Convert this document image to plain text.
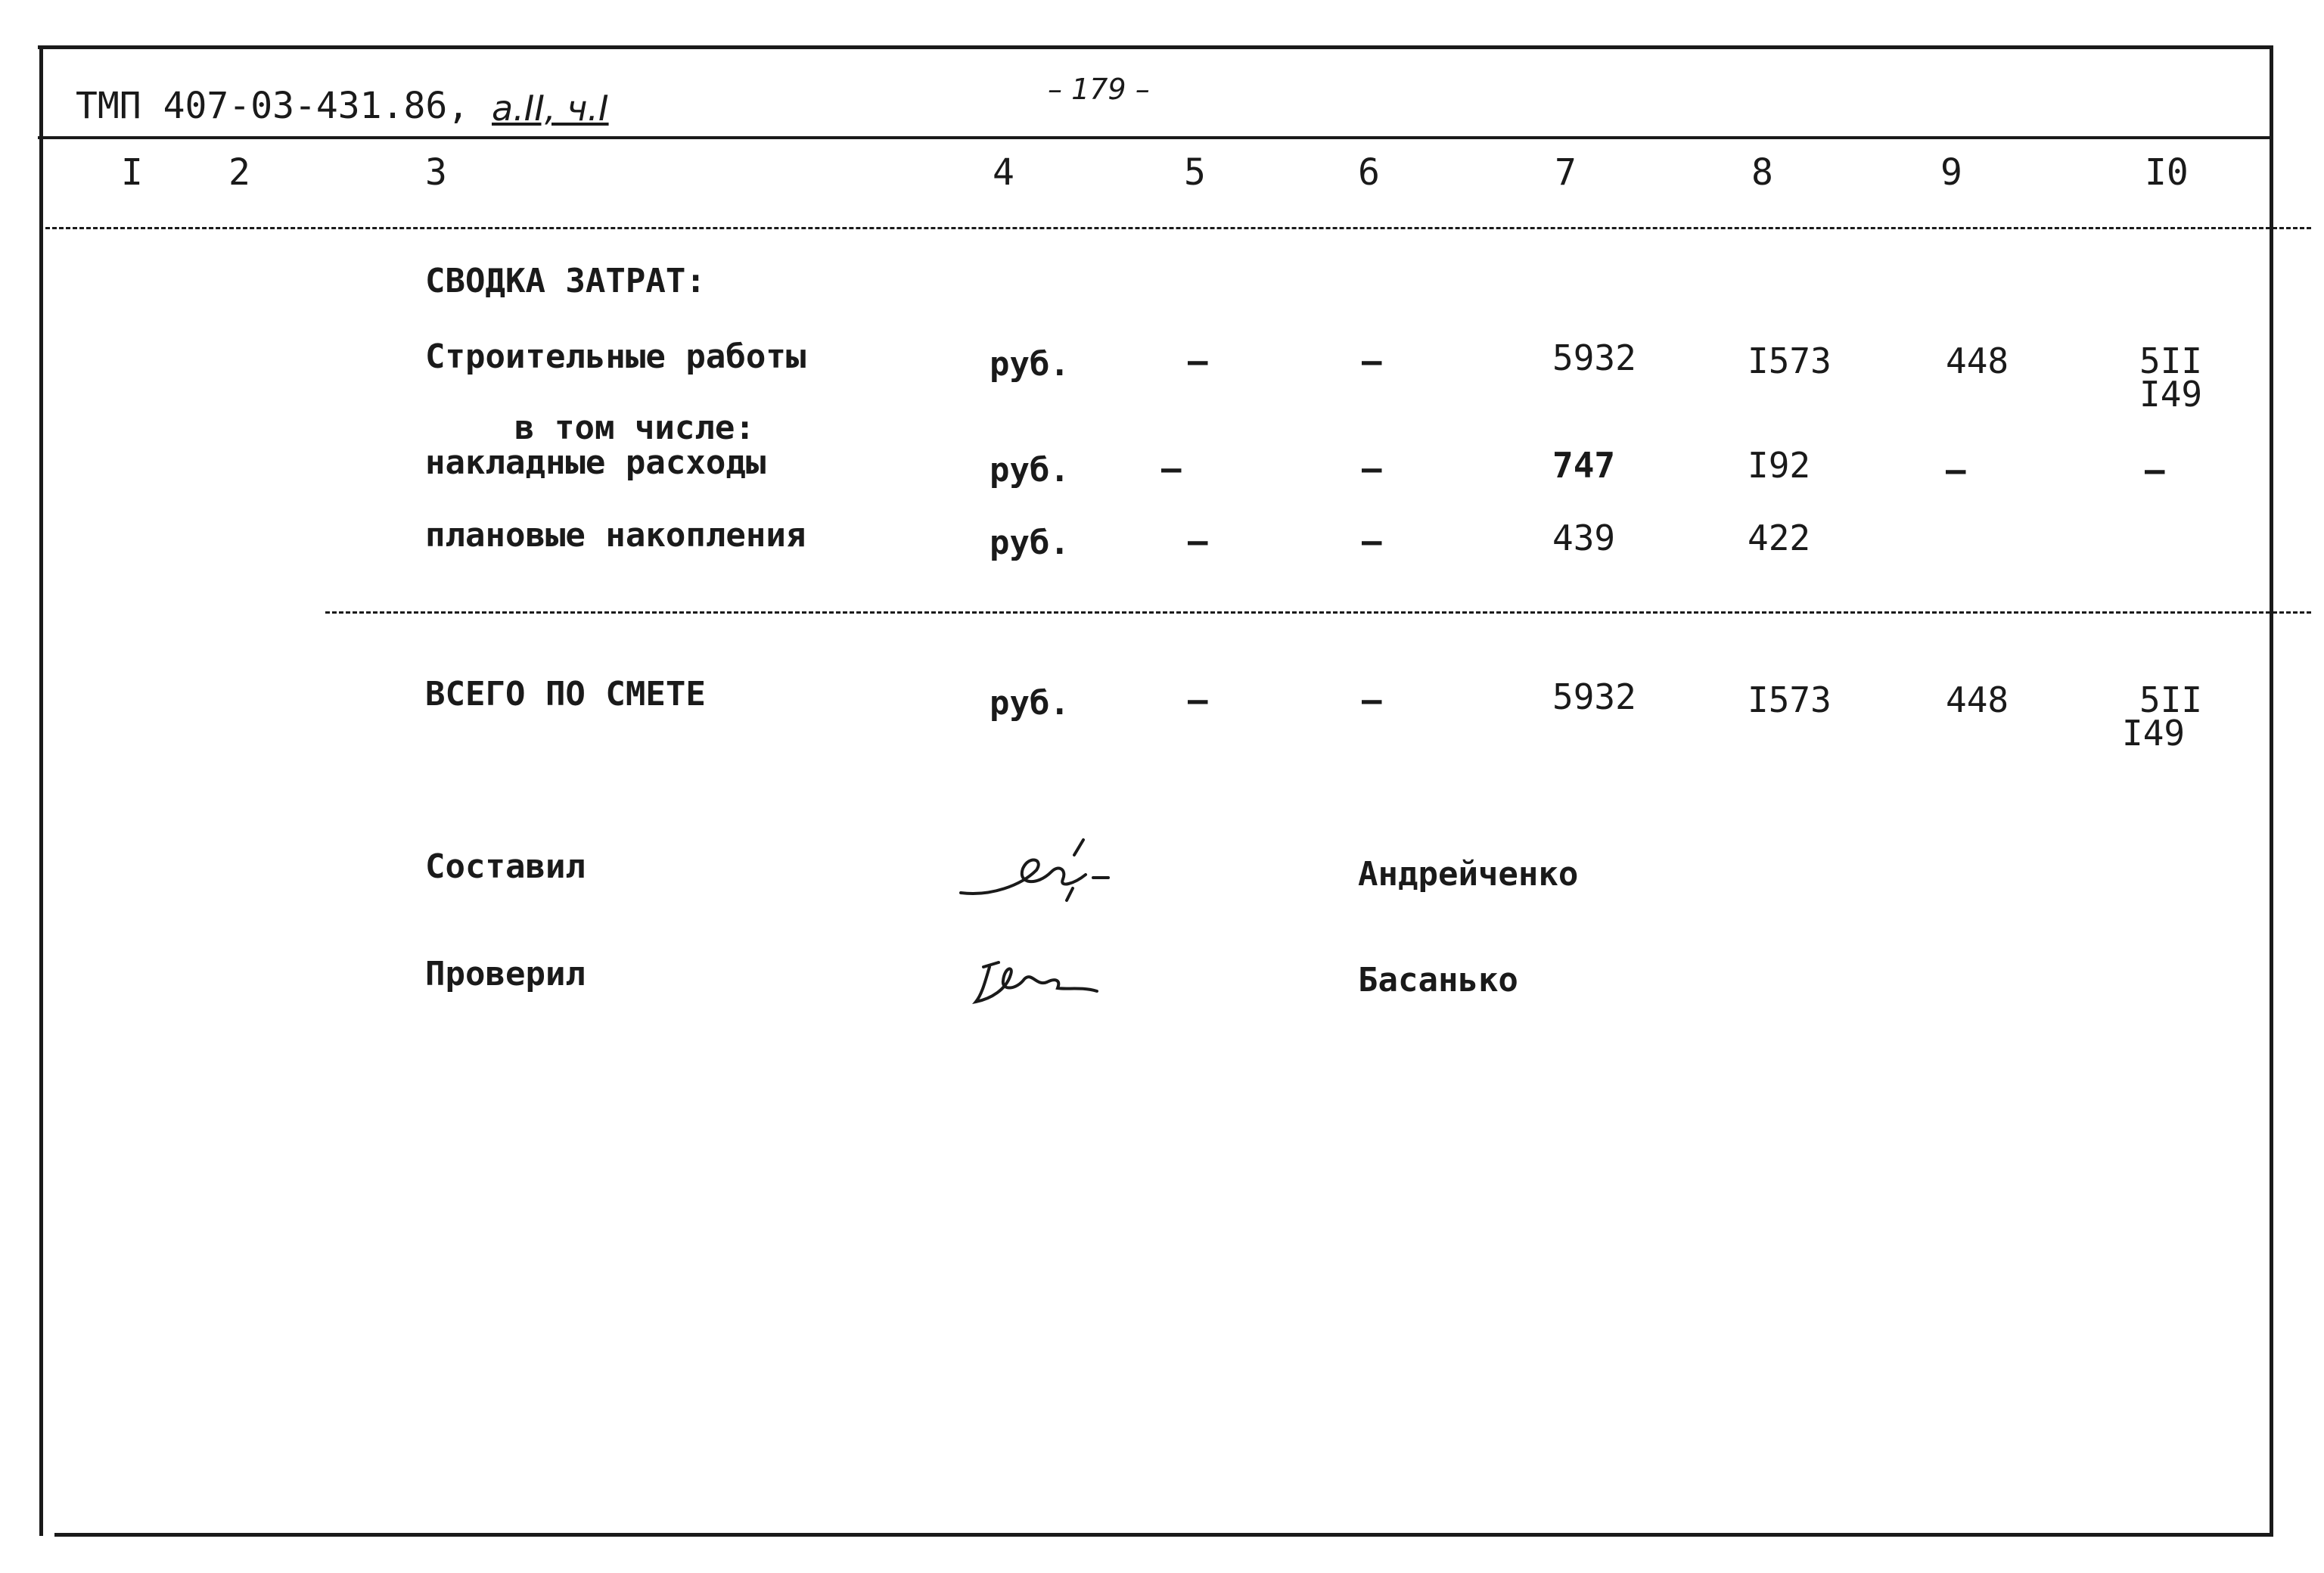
ТМП 407-03-431.86, а.II, ч.I	– 179 –
I 2	3	4	5	6	7	8	9	I0
СВОДКА ЗАТРАТ:
Строительные работы	руб.	–	–	5932	I573	448	5II
I49
в том числе:
накладные расходы	руб.	–	–	747	I92	–	–
плановые накопления	руб.	–	–	439	422
ВСЕГО ПО СМЕТЕ	руб.	–	–	5932	I573	448	5II
I49
Составил	Андрейченко
Проверил	Басанько
